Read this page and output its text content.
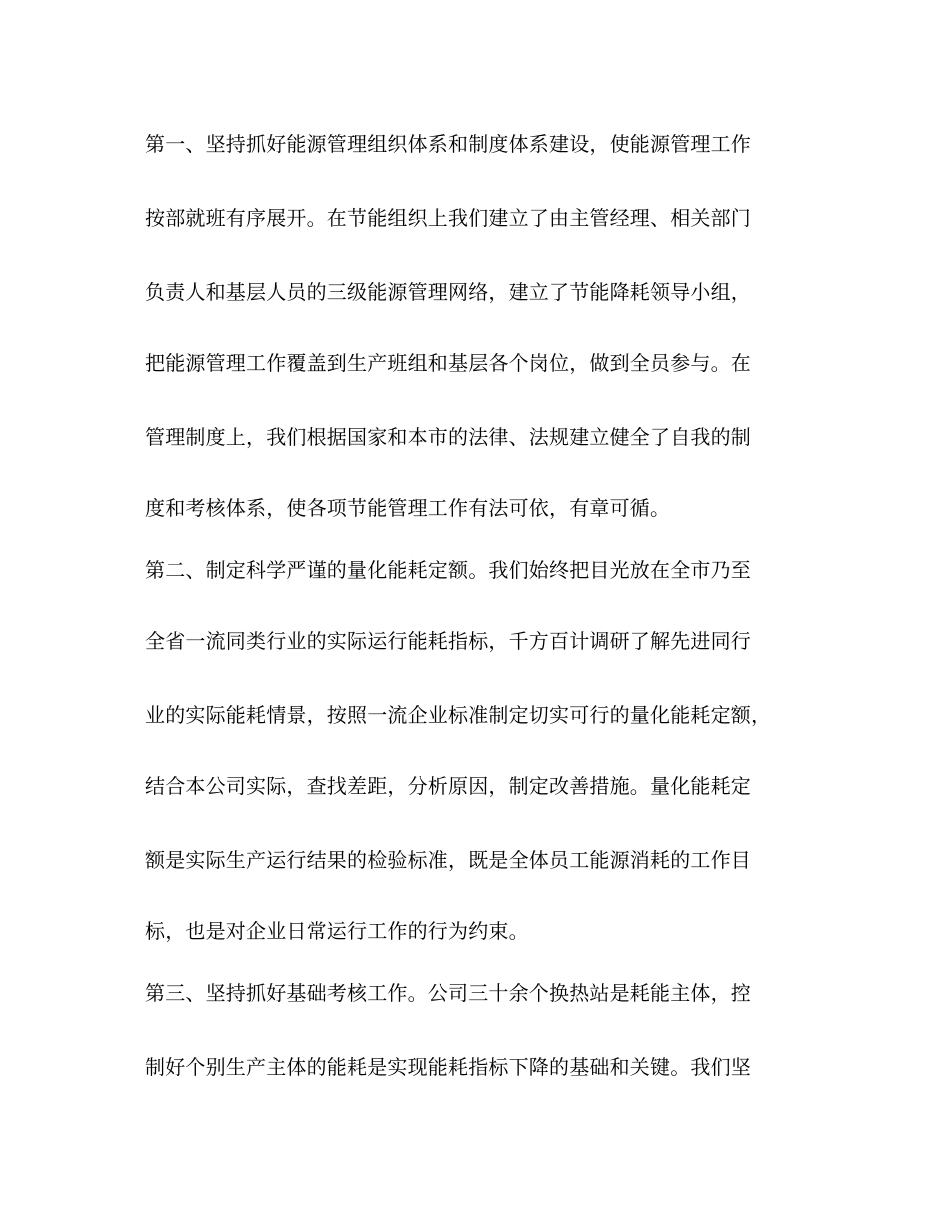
第一、坚持抓好能源管理组织体系和制度体系建设，使能源管理工作
按部就班有序展开。在节能组织上我们建立了由主管经理、相关部门
负责人和基层人员的三级能源管理网络，建立了节能降耗领导小组，
把能源管理工作覆盖到生产班组和基层各个岗位，做到全员参与。在
管理制度上，我们根据国家和本市的法律、法规建立健全了自我的制
度和考核体系，使各项节能管理工作有法可依，有章可循。
第二、制定科学严谨的量化能耗定额。我们始终把目光放在全市乃至
全省一流同类行业的实际运行能耗指标，千方百计调研了解先进同行
业的实际能耗情景，按照一流企业标准制定切实可行的量化能耗定额，
结合本公司实际，查找差距，分析原因，制定改善措施。量化能耗定
额是实际生产运行结果的检验标准，既是全体员工能源消耗的工作目
标，也是对企业日常运行工作的行为约束。
第三、坚持抓好基础考核工作。公司三十余个换热站是耗能主体，控
制好个别生产主体的能耗是实现能耗指标下降的基础和关键。我们坚
